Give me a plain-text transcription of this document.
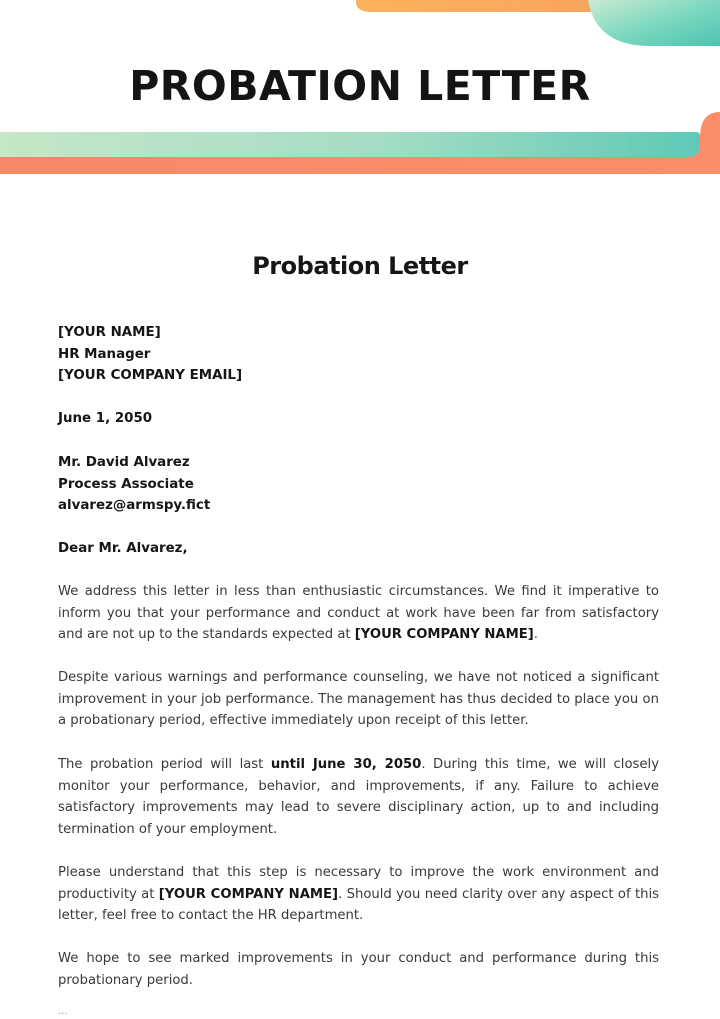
PROBATION LETTER
Probation Letter
[YOUR NAME]
HR Manager
[YOUR COMPANY EMAIL]
June 1, 2050
Mr. David Alvarez
Process Associate
alvarez@armspy.fict
Dear Mr. Alvarez,

We address this letter in less than enthusiastic circumstances. We find it imperative to inform you that your performance and conduct at work have been far from satisfactory and are not up to the standards expected at [YOUR COMPANY NAME].

Despite various warnings and performance counseling, we have not noticed a significant improvement in your job performance. The management has thus decided to place you on a probationary period, effective immediately upon receipt of this letter.

The probation period will last until June 30, 2050. During this time, we will closely monitor your performance, behavior, and improvements, if any. Failure to achieve satisfactory improvements may lead to severe disciplinary action, up to and including termination of your employment.

Please understand that this step is necessary to improve the work environment and productivity at [YOUR COMPANY NAME]. Should you need clarity over any aspect of this letter, feel free to contact the HR department.

We hope to see marked improvements in your conduct and performance during this probationary period.

...
